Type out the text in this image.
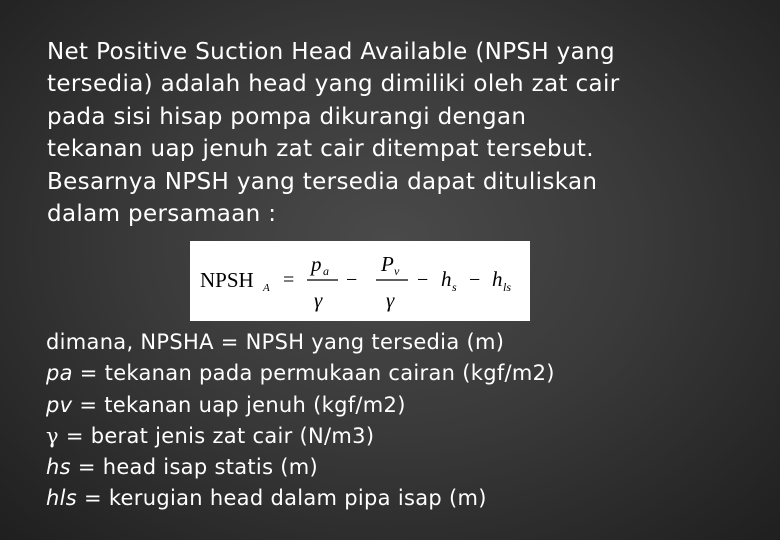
Net Positive Suction Head Available (NPSH yang
tersedia) adalah head yang dimiliki oleh zat cair
pada sisi hisap pompa dikurangi dengan
tekanan uap jenuh zat cair ditempat tersebut.
Besarnya NPSH yang tersedia dapat dituliskan
dalam persamaan :

NPSH A =
p a
γ
−
P v
γ
− h s − h ls
dimana, NPSHA = NPSH yang tersedia (m)
pa = tekanan pada permukaan cairan (kgf/m2)
pv = tekanan uap jenuh (kgf/m2)
γ = berat jenis zat cair (N/m3)
hs = head isap statis (m)
hls = kerugian head dalam pipa isap (m)
